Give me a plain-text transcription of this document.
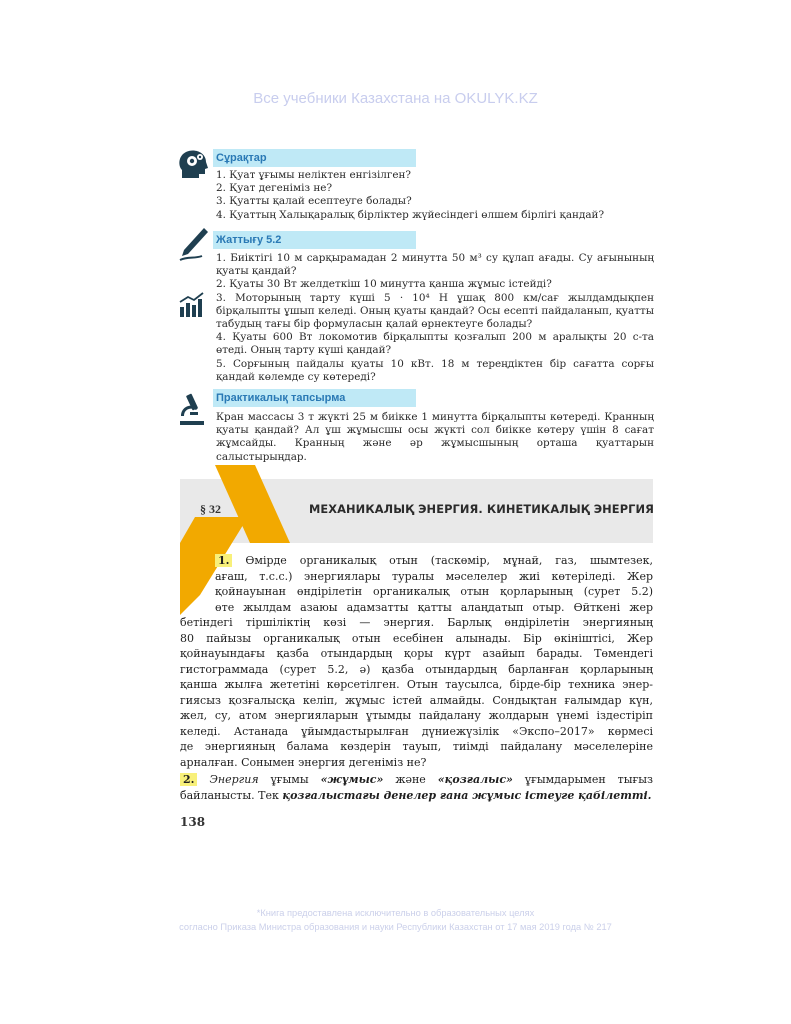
Все учебники Казахстана на OKULYK.KZ
Сұрақтар

1. Қуат ұғымы неліктен енгізілген?

2. Қуат дегеніміз не?

3. Қуатты қалай есептеуге болады?

4. Қуаттың Халықаралық бірліктер жүйесіндегі өлшем бірлігі қандай?

Жаттығу 5.2

1. Биіктігі 10 м сарқырамадан 2 минутта 50 м³ су құлап ағады. Су ағынының қуаты қандай?

2. Қуаты 30 Вт желдеткіш 10 минутта қанша жұмыс істейді?

3. Моторының тарту күші 5 · 10⁴ Н ұшақ 800 км/сағ жылдамдықпен бірқалыпты ұшып келеді. Оның қуаты қандай? Осы есепті пайдаланып, қуатты табудың тағы бір формуласын қалай өрнектеуге болады?

4. Қуаты 600 Вт локомотив бірқалыпты қозғалып 200 м аралықты 20 с-та өтеді. Оның тарту күші қандай?

5. Сорғының пайдалы қуаты 10 кВт. 18 м тереңдіктен бір сағатта сорғы қандай көлемде су көтереді?

Практикалық тапсырма

Кран массасы 3 т жүкті 25 м биікке 1 минутта бірқалыпты көтереді. Кранның қуаты қандай? Ал ұш жұмысшы осы жүкті сол биікке көтеру үшін 8 сағат жұмсайды. Кранның және әр жұмысшының орташа қуаттарын салыстырыңдар.

§ 32	МЕХАНИКАЛЫҚ ЭНЕРГИЯ. КИНЕТИКАЛЫҚ ЭНЕРГИЯ

1. Өмірде органикалық отын (таскөмір, мұнай, газ, шымтезек,

ағаш, т.с.с.) энергиялары туралы мәселелер жиі көтеріледі. Жер

қойнауынан өндірілетін органикалық отын қорларының (сурет 5.2)

өте жылдам азаюы адамзатты қатты алаңдатып отыр. Өйткені жер

бетіндегі тіршіліктің көзі — энергия. Барлық өндірілетін энергияның

80 пайызы органикалық отын есебінен алынады. Бір өкініштісі, Жер

қойнауындағы қазба отындардың қоры күрт азайып барады. Төмендегі

гистограммада (сурет 5.2, ә) қазба отындардың барланған қорларының

қанша жылға жететіні көрсетілген. Отын таусылса, бірде-бір техника энер-

гиясыз қозғалысқа келіп, жұмыс істей алмайды. Сондықтан ғалымдар күн,

жел, су, атом энергияларын ұтымды пайдалану жолдарын үнемі іздестіріп

келеді. Астанада ұйымдастырылған дүниежүзілік «Экспо–2017» көрмесі

де энергияның балама көздерін тауып, тиімді пайдалану мәселелеріне

арналған. Сонымен энергия дегеніміз не?

2. Энергия ұғымы «жұмыс» және «қозғалыс» ұғымдарымен тығыз

байланысты. Тек қозғалыстағы денелер ғана жұмыс істеуге қабілетті.

138
*Книга предоставлена исключительно в образовательных целях
согласно Приказа Министра образования и науки Республики Казахстан от 17 мая 2019 года № 217
